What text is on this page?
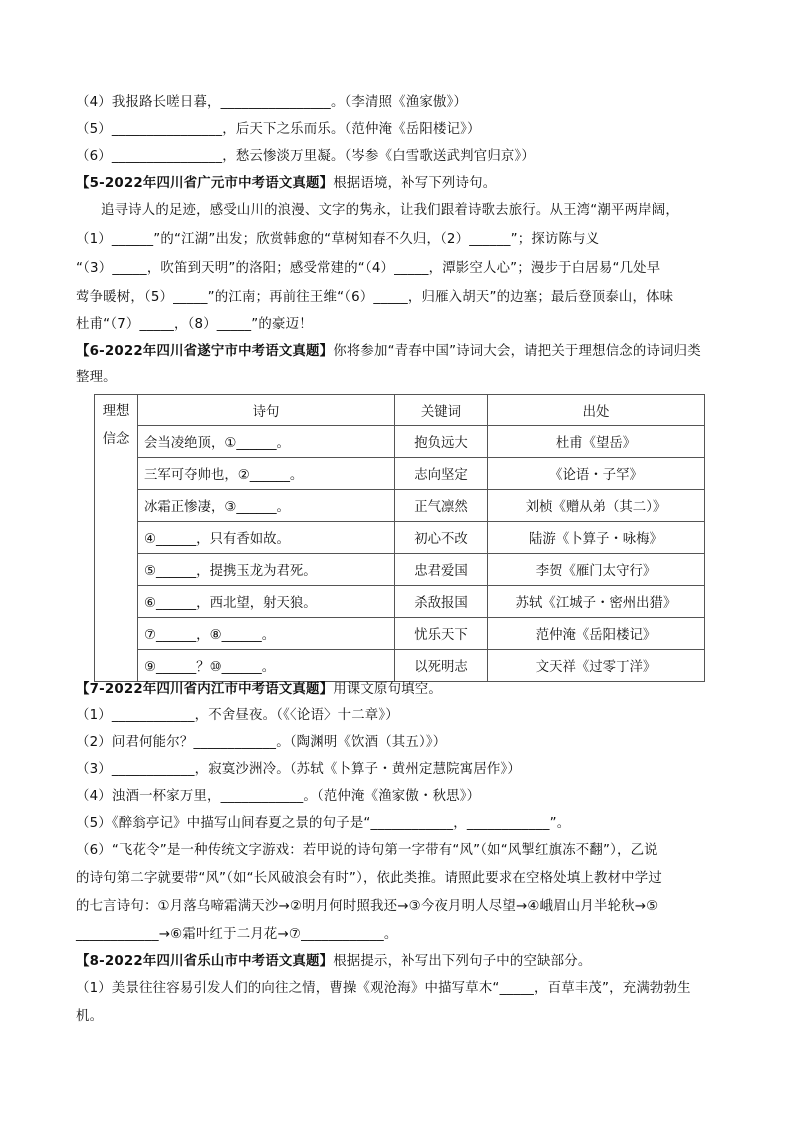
（4）我报路长嗟日暮，________________。（李清照《渔家傲》）
（5）________________，后天下之乐而乐。（范仲淹《岳阳楼记》）
（6）________________，愁云惨淡万里凝。（岑参《白雪歌送武判官归京》）
【5-2022年四川省广元市中考语文真题】根据语境，补写下列诗句。
追寻诗人的足迹，感受山川的浪漫、文字的隽永，让我们跟着诗歌去旅行。从王湾“潮平两岸阔，
（1）______”的“江湖”出发；欣赏韩愈的“草树知春不久归，（2）______”；探访陈与义
“（3）_____，吹笛到天明”的洛阳；感受常建的“（4）_____，潭影空人心”；漫步于白居易“几处早
莺争暖树，（5）_____”的江南；再前往王维“（6）_____，归雁入胡天”的边塞；最后登顶泰山，体味
杜甫“（7）_____，（8）_____”的豪迈！
【6-2022年四川省遂宁市中考语文真题】你将参加“青春中国”诗词大会，请把关于理想信念的诗词归类
整理。
理想信念	诗句	关键词	出处
	会当凌绝顶，①______。	抱负远大	杜甫《望岳》
	三军可夺帅也，②______。	志向坚定	《论语・子罕》
	冰霜正惨凄，③______。	正气凛然	刘桢《赠从弟（其二）》
	④______，只有香如故。	初心不改	陆游《卜算子・咏梅》
	⑤______，提携玉龙为君死。	忠君爱国	李贺《雁门太守行》
	⑥______，西北望，射天狼。	杀敌报国	苏轼《江城子・密州出猎》
	⑦______，⑧______。	忧乐天下	范仲淹《岳阳楼记》
	⑨______？⑩______。	以死明志	文天祥《过零丁洋》
【7-2022年四川省内江市中考语文真题】用课文原句填空。
（1）____________，不舍昼夜。（《〈论语〉十二章》）
（2）问君何能尔？____________。（陶渊明《饮酒（其五）》）
（3）____________，寂寞沙洲冷。（苏轼《卜算子・黄州定慧院寓居作》）
（4）浊酒一杯家万里，____________。（范仲淹《渔家傲・秋思》）
（5）《醉翁亭记》中描写山间春夏之景的句子是“____________，____________”。
（6）“飞花令”是一种传统文字游戏：若甲说的诗句第一字带有“风”（如“风掣红旗冻不翻”），乙说
的诗句第二字就要带“风”（如“长风破浪会有时”），依此类推。请照此要求在空格处填上教材中学过
的七言诗句：①月落乌啼霜满天沙→②明月何时照我还→③今夜月明人尽望→④峨眉山月半轮秋→⑤
____________→⑥霜叶红于二月花→⑦____________。
【8-2022年四川省乐山市中考语文真题】根据提示，补写出下列句子中的空缺部分。
（1）美景往往容易引发人们的向往之情，曹操《观沧海》中描写草木“_____，百草丰茂”，充满勃勃生
机。
